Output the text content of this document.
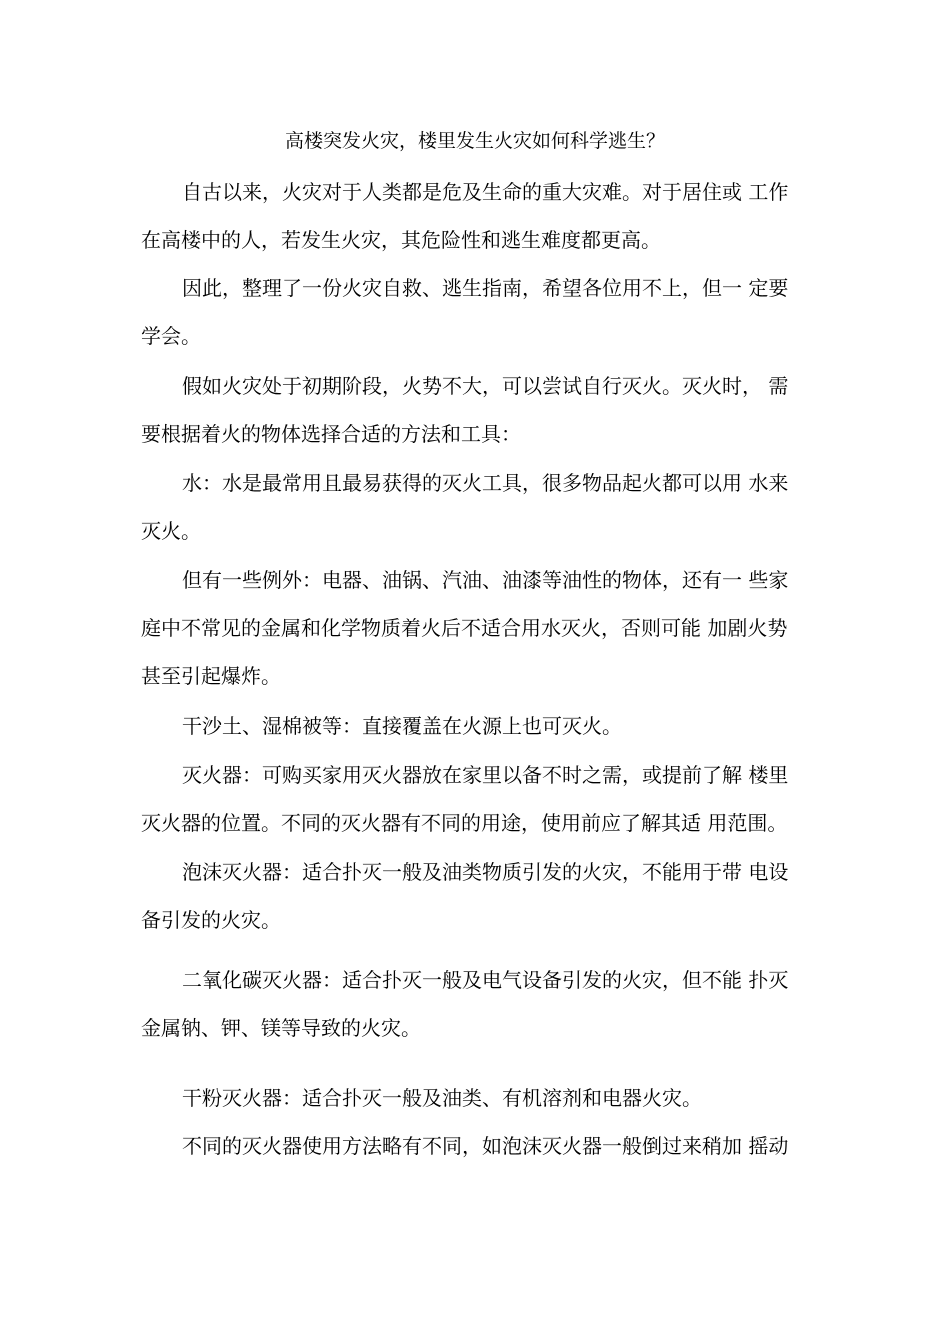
高楼突发火灾，楼里发生火灾如何科学逃生？
自古以来，火灾对于人类都是危及生命的重大灾难。对于居住或 工作
在高楼中的人，若发生火灾，其危险性和逃生难度都更高。
因此，整理了一份火灾自救、逃生指南，希望各位用不上，但一 定要
学会。
假如火灾处于初期阶段，火势不大，可以尝试自行灭火。灭火时， 需
要根据着火的物体选择合适的方法和工具：
水：水是最常用且最易获得的灭火工具，很多物品起火都可以用 水来
灭火。
但有一些例外：电器、油锅、汽油、油漆等油性的物体，还有一 些家
庭中不常见的金属和化学物质着火后不适合用水灭火，否则可能 加剧火势
甚至引起爆炸。
干沙土、湿棉被等：直接覆盖在火源上也可灭火。
灭火器：可购买家用灭火器放在家里以备不时之需，或提前了解 楼里
灭火器的位置。不同的灭火器有不同的用途，使用前应了解其适 用范围。
泡沫灭火器：适合扑灭一般及油类物质引发的火灾，不能用于带 电设
备引发的火灾。
二氧化碳灭火器：适合扑灭一般及电气设备引发的火灾，但不能 扑灭
金属钠、钾、镁等导致的火灾。
干粉灭火器：适合扑灭一般及油类、有机溶剂和电器火灾。
不同的灭火器使用方法略有不同，如泡沫灭火器一般倒过来稍加 摇动
